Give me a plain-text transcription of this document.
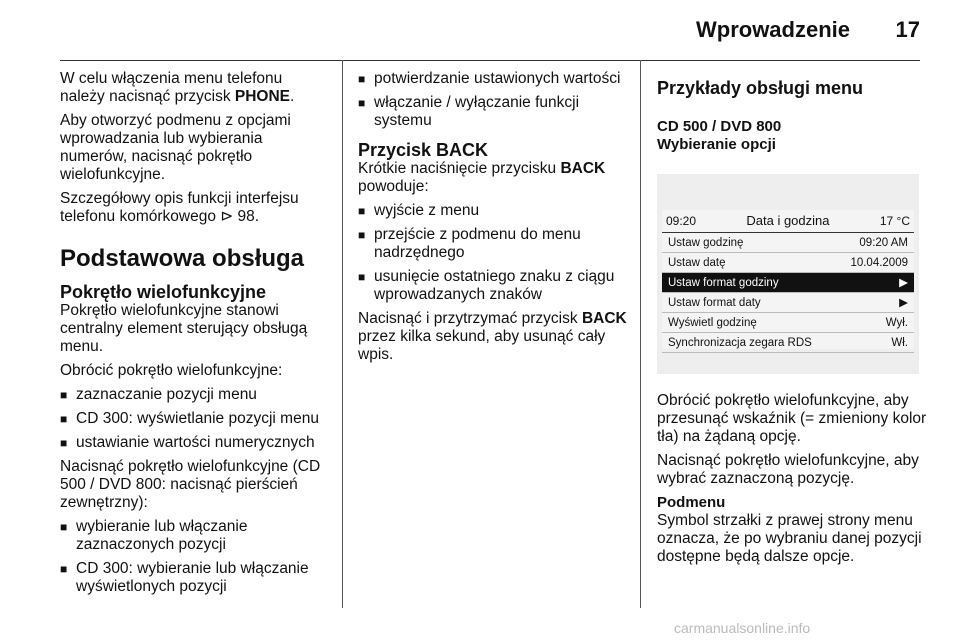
Wprowadzenie 17

W celu włączenia menu telefonu należy nacisnąć przycisk PHONE.

Aby otworzyć podmenu z opcjami wprowadzania lub wybierania numerów, nacisnąć pokrętło wielofunkcyjne.

Szczegółowy opis funkcji interfejsu telefonu komórkowego ⊳ 98.

Podstawowa obsługa
Pokrętło wielofunkcyjne

Pokrętło wielofunkcyjne stanowi centralny element sterujący obsługą menu.

Obrócić pokrętło wielofunkcyjne:

■ zaznaczanie pozycji menu
■ CD 300: wyświetlanie pozycji menu
■ ustawianie wartości numerycznych

Nacisnąć pokrętło wielofunkcyjne (CD 500 / DVD 800: nacisnąć pierścień zewnętrzny):

■ wybieranie lub włączanie zaznaczonych pozycji
■ CD 300: wybieranie lub włączanie wyświetlonych pozycji
■ potwierdzanie ustawionych wartości
■ włączanie / wyłączanie funkcji systemu
Przycisk BACK

Krótkie naciśnięcie przycisku BACK powoduje:

■ wyjście z menu
■ przejście z podmenu do menu nadrzędnego
■ usunięcie ostatniego znaku z ciągu wprowadzanych znaków

Nacisnąć i przytrzymać przycisk BACK przez kilka sekund, aby usunąć cały wpis.

Przykłady obsługi menu
CD 500 / DVD 800
Wybieranie opcji
09:20	Data i godzina	17 °C
Ustaw godzinę	09:20 AM
Ustaw datę	10.04.2009
Ustaw format godziny	▶
Ustaw format daty	▶
Wyświetl godzinę	Wył.
Synchronizacja zegara RDS	Wł.

Obrócić pokrętło wielofunkcyjne, aby przesunąć wskaźnik (= zmieniony kolor tła) na żądaną opcję.

Nacisnąć pokrętło wielofunkcyjne, aby wybrać zaznaczoną pozycję.

Podmenu

Symbol strzałki z prawej strony menu oznacza, że po wybraniu danej pozycji dostępne będą dalsze opcje.

carmanualsonline.info
